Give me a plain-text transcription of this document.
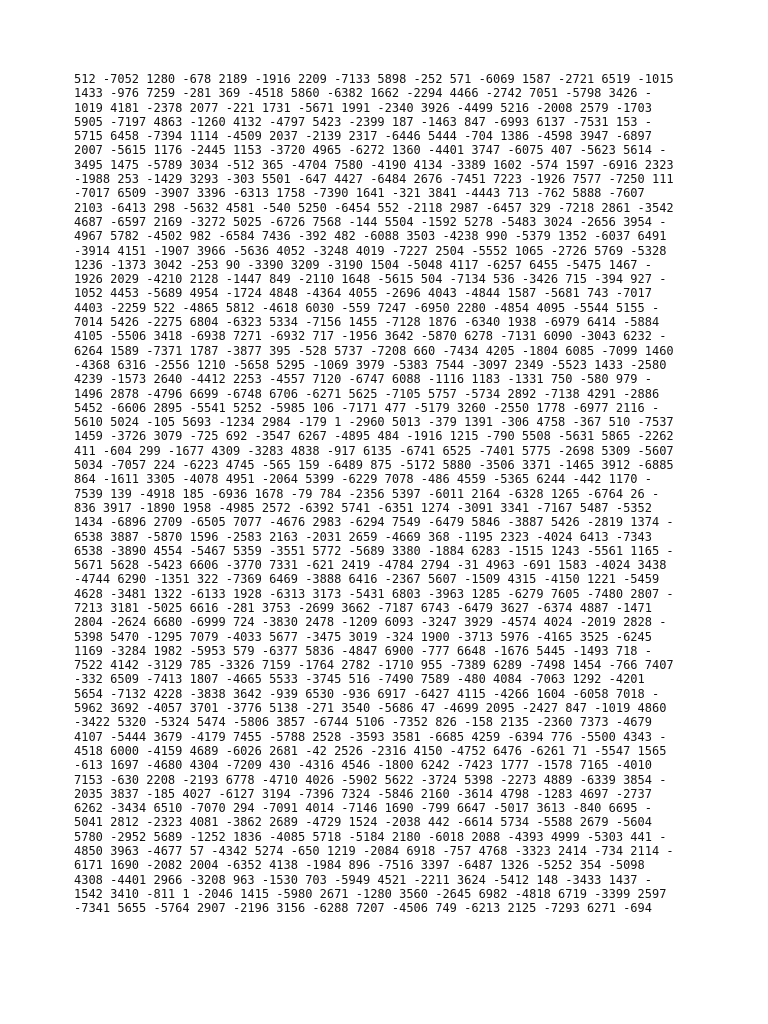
512 -7052 1280 -678 2189 -1916 2209 -7133 5898 -252 571 -6069 1587 -2721 6519 -1015
1433 -976 7259 -281 369 -4518 5860 -6382 1662 -2294 4466 -2742 7051 -5798 3426 -
1019 4181 -2378 2077 -221 1731 -5671 1991 -2340 3926 -4499 5216 -2008 2579 -1703
5905 -7197 4863 -1260 4132 -4797 5423 -2399 187 -1463 847 -6993 6137 -7531 153 -
5715 6458 -7394 1114 -4509 2037 -2139 2317 -6446 5444 -704 1386 -4598 3947 -6897
2007 -5615 1176 -2445 1153 -3720 4965 -6272 1360 -4401 3747 -6075 407 -5623 5614 -
3495 1475 -5789 3034 -512 365 -4704 7580 -4190 4134 -3389 1602 -574 1597 -6916 2323
-1988 253 -1429 3293 -303 5501 -647 4427 -6484 2676 -7451 7223 -1926 7577 -7250 111
-7017 6509 -3907 3396 -6313 1758 -7390 1641 -321 3841 -4443 713 -762 5888 -7607
2103 -6413 298 -5632 4581 -540 5250 -6454 552 -2118 2987 -6457 329 -7218 2861 -3542
4687 -6597 2169 -3272 5025 -6726 7568 -144 5504 -1592 5278 -5483 3024 -2656 3954 -
4967 5782 -4502 982 -6584 7436 -392 482 -6088 3503 -4238 990 -5379 1352 -6037 6491
-3914 4151 -1907 3966 -5636 4052 -3248 4019 -7227 2504 -5552 1065 -2726 5769 -5328
1236 -1373 3042 -253 90 -3390 3209 -3190 1504 -5048 4117 -6257 6455 -5475 1467 -
1926 2029 -4210 2128 -1447 849 -2110 1648 -5615 504 -7134 536 -3426 715 -394 927 -
1052 4453 -5689 4954 -1724 4848 -4364 4055 -2696 4043 -4844 1587 -5681 743 -7017
4403 -2259 522 -4865 5812 -4618 6030 -559 7247 -6950 2280 -4854 4095 -5544 5155 -
7014 5426 -2275 6804 -6323 5334 -7156 1455 -7128 1876 -6340 1938 -6979 6414 -5884
4105 -5506 3418 -6938 7271 -6932 717 -1956 3642 -5870 6278 -7131 6090 -3043 6232 -
6264 1589 -7371 1787 -3877 395 -528 5737 -7208 660 -7434 4205 -1804 6085 -7099 1460
-4368 6316 -2556 1210 -5658 5295 -1069 3979 -5383 7544 -3097 2349 -5523 1433 -2580
4239 -1573 2640 -4412 2253 -4557 7120 -6747 6088 -1116 1183 -1331 750 -580 979 -
1496 2878 -4796 6699 -6748 6706 -6271 5625 -7105 5757 -5734 2892 -7138 4291 -2886
5452 -6606 2895 -5541 5252 -5985 106 -7171 477 -5179 3260 -2550 1778 -6977 2116 -
5610 5024 -105 5693 -1234 2984 -179 1 -2960 5013 -379 1391 -306 4758 -367 510 -7537
1459 -3726 3079 -725 692 -3547 6267 -4895 484 -1916 1215 -790 5508 -5631 5865 -2262
411 -604 299 -1677 4309 -3283 4838 -917 6135 -6741 6525 -7401 5775 -2698 5309 -5607
5034 -7057 224 -6223 4745 -565 159 -6489 875 -5172 5880 -3506 3371 -1465 3912 -6885
864 -1611 3305 -4078 4951 -2064 5399 -6229 7078 -486 4559 -5365 6244 -442 1170 -
7539 139 -4918 185 -6936 1678 -79 784 -2356 5397 -6011 2164 -6328 1265 -6764 26 -
836 3917 -1890 1958 -4985 2572 -6392 5741 -6351 1274 -3091 3341 -7167 5487 -5352
1434 -6896 2709 -6505 7077 -4676 2983 -6294 7549 -6479 5846 -3887 5426 -2819 1374 -
6538 3887 -5870 1596 -2583 2163 -2031 2659 -4669 368 -1195 2323 -4024 6413 -7343
6538 -3890 4554 -5467 5359 -3551 5772 -5689 3380 -1884 6283 -1515 1243 -5561 1165 -
5671 5628 -5423 6606 -3770 7331 -621 2419 -4784 2794 -31 4963 -691 1583 -4024 3438
-4744 6290 -1351 322 -7369 6469 -3888 6416 -2367 5607 -1509 4315 -4150 1221 -5459
4628 -3481 1322 -6133 1928 -6313 3173 -5431 6803 -3963 1285 -6279 7605 -7480 2807 -
7213 3181 -5025 6616 -281 3753 -2699 3662 -7187 6743 -6479 3627 -6374 4887 -1471
2804 -2624 6680 -6999 724 -3830 2478 -1209 6093 -3247 3929 -4574 4024 -2019 2828 -
5398 5470 -1295 7079 -4033 5677 -3475 3019 -324 1900 -3713 5976 -4165 3525 -6245
1169 -3284 1982 -5953 579 -6377 5836 -4847 6900 -777 6648 -1676 5445 -1493 718 -
7522 4142 -3129 785 -3326 7159 -1764 2782 -1710 955 -7389 6289 -7498 1454 -766 7407
-332 6509 -7413 1807 -4665 5533 -3745 516 -7490 7589 -480 4084 -7063 1292 -4201
5654 -7132 4228 -3838 3642 -939 6530 -936 6917 -6427 4115 -4266 1604 -6058 7018 -
5962 3692 -4057 3701 -3776 5138 -271 3540 -5686 47 -4699 2095 -2427 847 -1019 4860
-3422 5320 -5324 5474 -5806 3857 -6744 5106 -7352 826 -158 2135 -2360 7373 -4679
4107 -5444 3679 -4179 7455 -5788 2528 -3593 3581 -6685 4259 -6394 776 -5500 4343 -
4518 6000 -4159 4689 -6026 2681 -42 2526 -2316 4150 -4752 6476 -6261 71 -5547 1565
-613 1697 -4680 4304 -7209 430 -4316 4546 -1800 6242 -7423 1777 -1578 7165 -4010
7153 -630 2208 -2193 6778 -4710 4026 -5902 5622 -3724 5398 -2273 4889 -6339 3854 -
2035 3837 -185 4027 -6127 3194 -7396 7324 -5846 2160 -3614 4798 -1283 4697 -2737
6262 -3434 6510 -7070 294 -7091 4014 -7146 1690 -799 6647 -5017 3613 -840 6695 -
5041 2812 -2323 4081 -3862 2689 -4729 1524 -2038 442 -6614 5734 -5588 2679 -5604
5780 -2952 5689 -1252 1836 -4085 5718 -5184 2180 -6018 2088 -4393 4999 -5303 441 -
4850 3963 -4677 57 -4342 5274 -650 1219 -2084 6918 -757 4768 -3323 2414 -734 2114 -
6171 1690 -2082 2004 -6352 4138 -1984 896 -7516 3397 -6487 1326 -5252 354 -5098
4308 -4401 2966 -3208 963 -1530 703 -5949 4521 -2211 3624 -5412 148 -3433 1437 -
1542 3410 -811 1 -2046 1415 -5980 2671 -1280 3560 -2645 6982 -4818 6719 -3399 2597
-7341 5655 -5764 2907 -2196 3156 -6288 7207 -4506 749 -6213 2125 -7293 6271 -694
